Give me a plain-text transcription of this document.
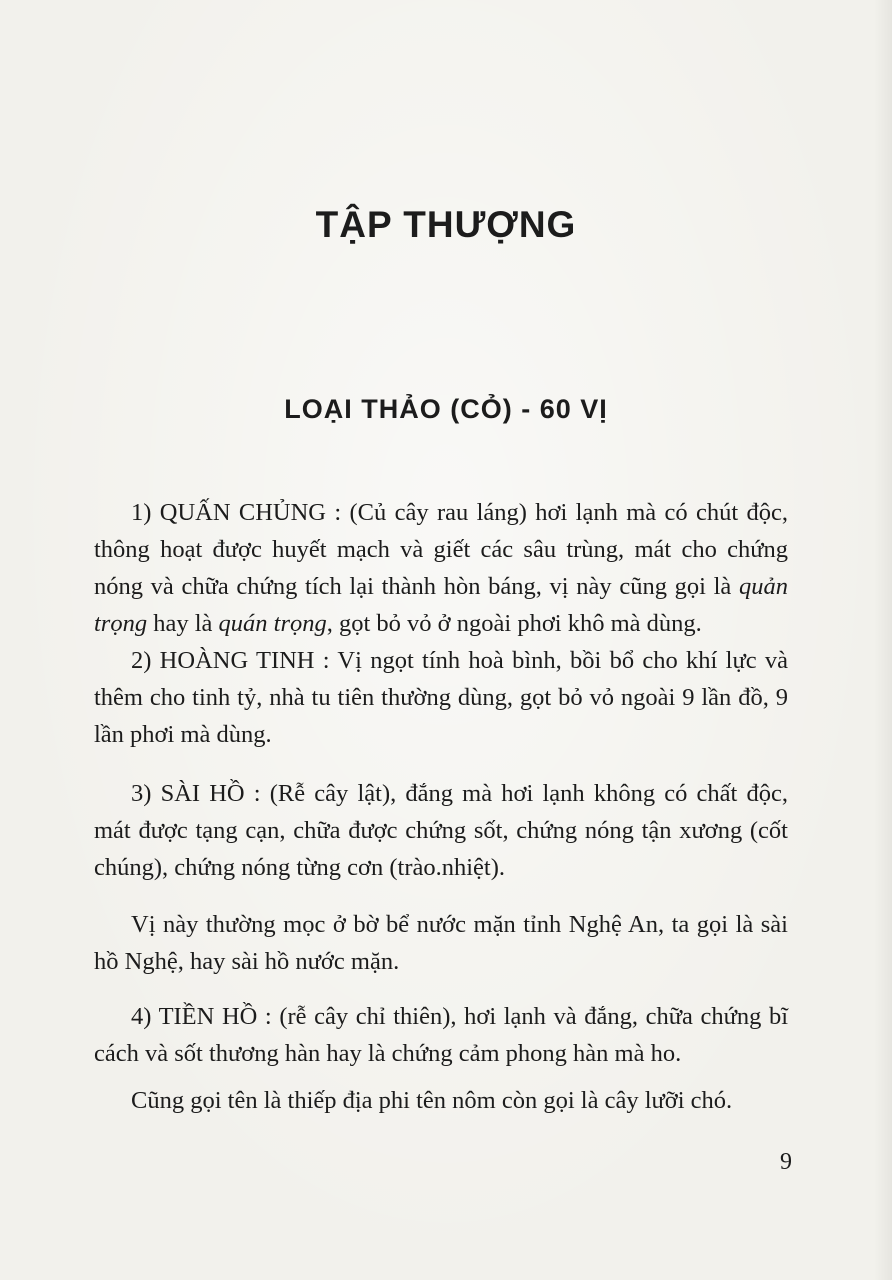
TẬP THƯỢNG
LOẠI THẢO (CỎ) - 60 VỊ

1) QUẤN CHỦNG : (Củ cây rau láng) hơi lạnh mà có chút độc, thông hoạt được huyết mạch và giết các sâu trùng, mát cho chứng nóng và chữa chứng tích lại thành hòn báng, vị này cũng gọi là quản trọng hay là quán trọng, gọt bỏ vỏ ở ngoài phơi khô mà dùng.

2) HOÀNG TINH : Vị ngọt tính hoà bình, bồi bổ cho khí lực và thêm cho tinh tỷ, nhà tu tiên thường dùng, gọt bỏ vỏ ngoài 9 lần đồ, 9 lần phơi mà dùng.

3) SÀI HỒ : (Rễ cây lật), đắng mà hơi lạnh không có chất độc, mát được tạng cạn, chữa được chứng sốt, chứng nóng tận xương (cốt chúng), chứng nóng từng cơn (trào.nhiệt).

Vị này thường mọc ở bờ bể nước mặn tỉnh Nghệ An, ta gọi là sài hồ Nghệ, hay sài hồ nước mặn.

4) TIỀN HỒ : (rễ cây chỉ thiên), hơi lạnh và đắng, chữa chứng bĩ cách và sốt thương hàn hay là chứng cảm phong hàn mà ho.

Cũng gọi tên là thiếp địa phi tên nôm còn gọi là cây lưỡi chó.

9
